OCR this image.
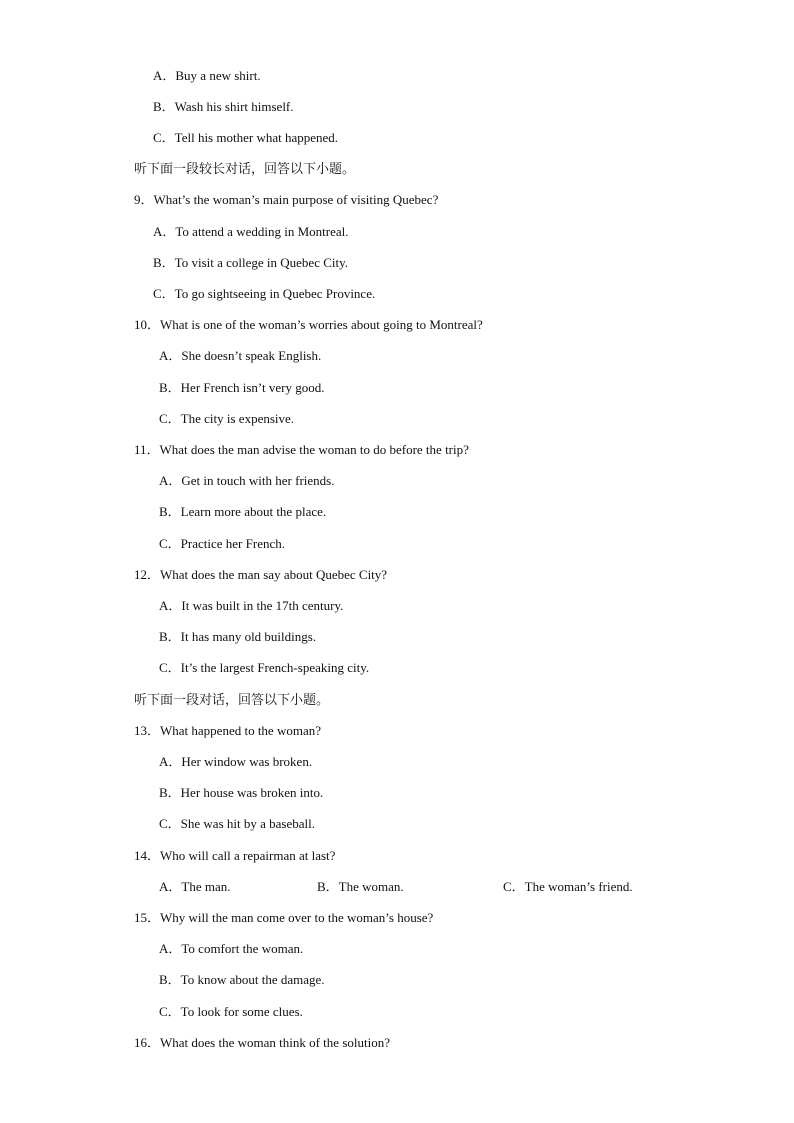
A．Buy a new shirt.
B．Wash his shirt himself.
C．Tell his mother what happened.
听下面一段较长对话，回答以下小题。
9．What’s the woman’s main purpose of visiting Quebec?
A．To attend a wedding in Montreal.
B．To visit a college in Quebec City.
C．To go sightseeing in Quebec Province.
10．What is one of the woman’s worries about going to Montreal?
A．She doesn’t speak English.
B．Her French isn’t very good.
C．The city is expensive.
11．What does the man advise the woman to do before the trip?
A．Get in touch with her friends.
B．Learn more about the place.
C．Practice her French.
12．What does the man say about Quebec City?
A．It was built in the 17th century.
B．It has many old buildings.
C．It’s the largest French-speaking city.
听下面一段对话，回答以下小题。
13．What happened to the woman?
A．Her window was broken.
B．Her house was broken into.
C．She was hit by a baseball.
14．Who will call a repairman at last?
A．The man.	B．The woman.	C．The woman’s friend.
15．Why will the man come over to the woman’s house?
A．To comfort the woman.
B．To know about the damage.
C．To look for some clues.
16．What does the woman think of the solution?
